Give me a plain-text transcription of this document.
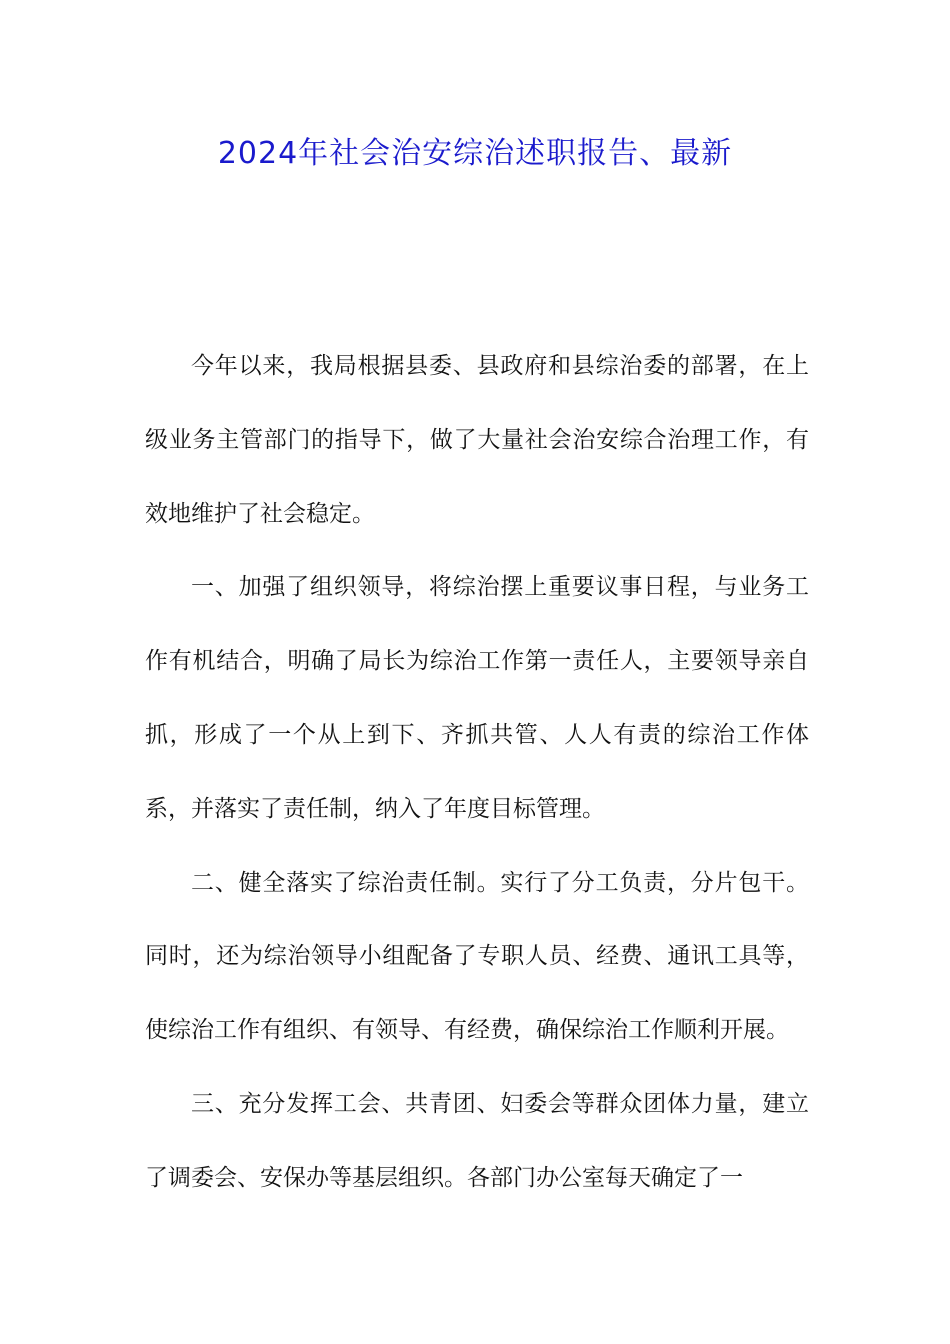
2024年社会治安综治述职报告、最新

今年以来，我局根据县委、县政府和县综治委的部署，在上级业务主管部门的指导下，做了大量社会治安综合治理工作，有效地维护了社会稳定。

一、加强了组织领导，将综治摆上重要议事日程，与业务工作有机结合，明确了局长为综治工作第一责任人，主要领导亲自抓，形成了一个从上到下、齐抓共管、人人有责的综治工作体系，并落实了责任制，纳入了年度目标管理。

二、健全落实了综治责任制。实行了分工负责，分片包干。同时，还为综治领导小组配备了专职人员、经费、通讯工具等，使综治工作有组织、有领导、有经费，确保综治工作顺利开展。

三、充分发挥工会、共青团、妇委会等群众团体力量，建立了调委会、安保办等基层组织。各部门办公室每天确定了一
